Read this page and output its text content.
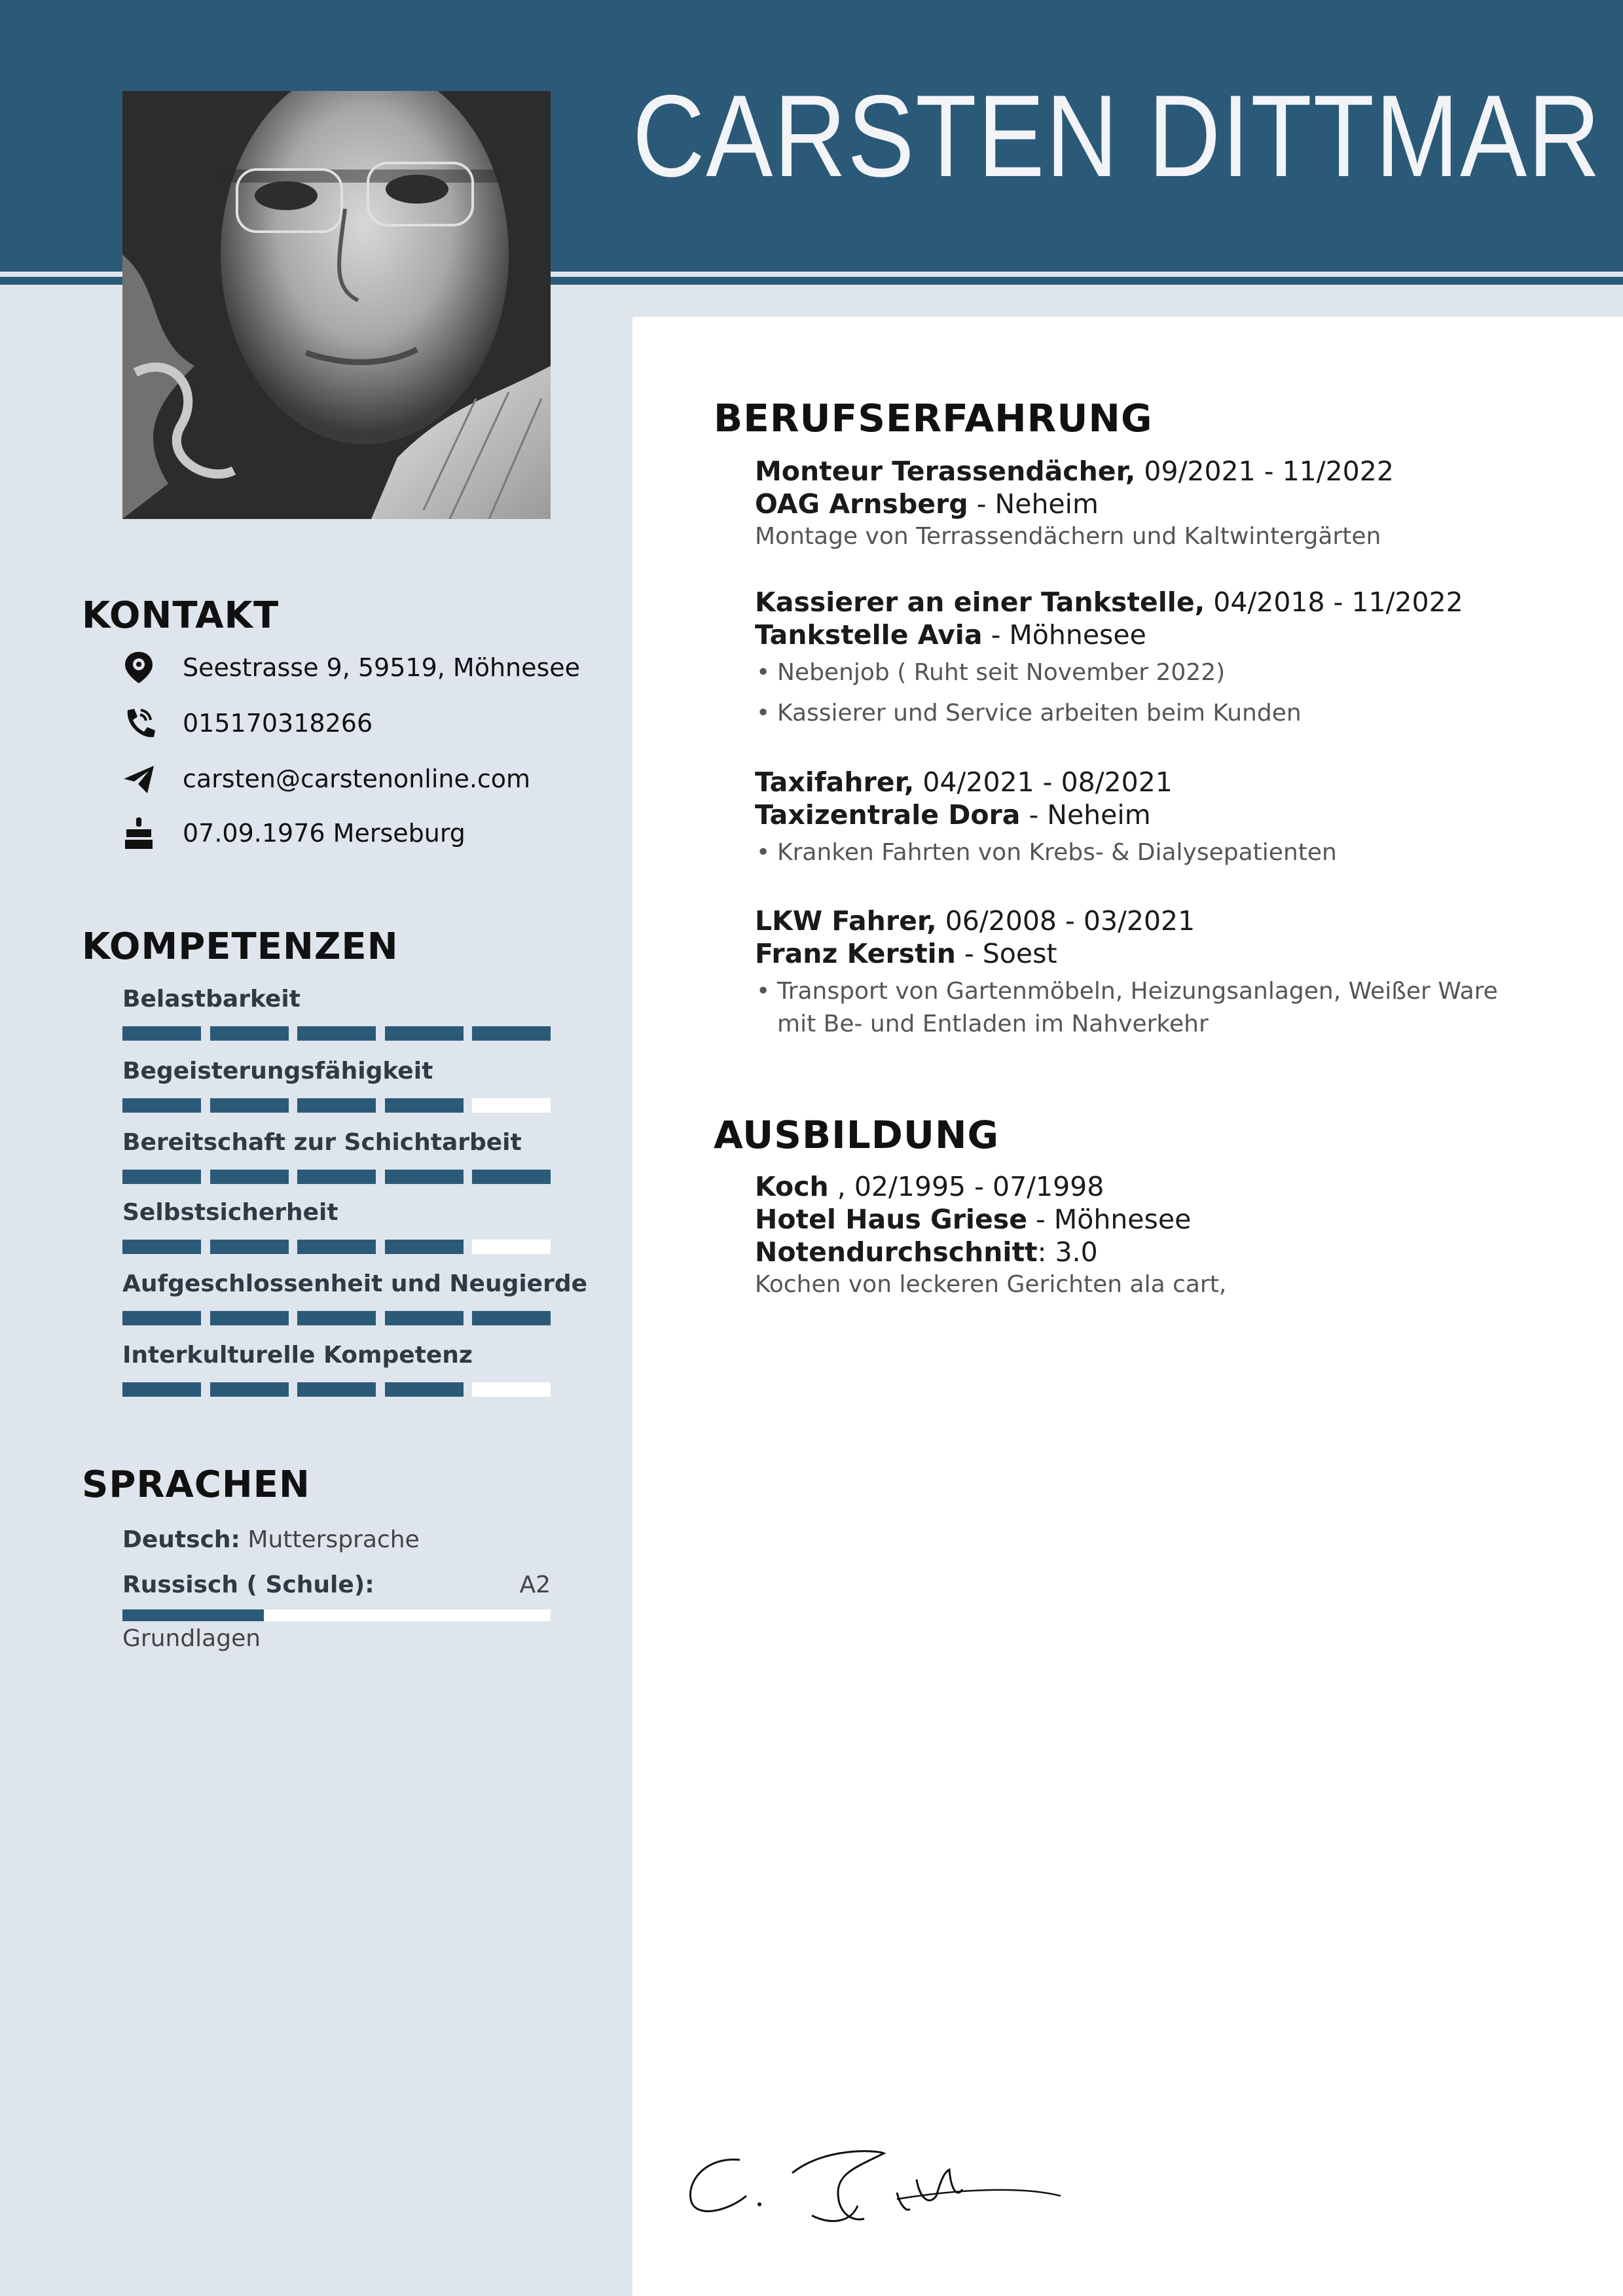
CARSTEN DITTMAR
KONTAKT
Seestrasse 9, 59519, Möhnesee
015170318266
carsten@carstenonline.com
07.09.1976 Merseburg
KOMPETENZEN
Belastbarkeit
Begeisterungsfähigkeit
Bereitschaft zur Schichtarbeit
Selbstsicherheit
Aufgeschlossenheit und Neugierde
Interkulturelle Kompetenz
SPRACHEN
Deutsch: Muttersprache
Russisch ( Schule):	A2
Grundlagen
BERUFSERFAHRUNG
Monteur Terassendächer, 09/2021 - 11/2022
OAG Arnsberg - Neheim
Montage von Terrassendächern und Kaltwintergärten
Kassierer an einer Tankstelle, 04/2018 - 11/2022
Tankstelle Avia - Möhnesee
• Nebenjob ( Ruht seit November 2022)
• Kassierer und Service arbeiten beim Kunden
Taxifahrer, 04/2021 - 08/2021
Taxizentrale Dora - Neheim
• Kranken Fahrten von Krebs- & Dialysepatienten
LKW Fahrer, 06/2008 - 03/2021
Franz Kerstin - Soest
• Transport von Gartenmöbeln, Heizungsanlagen, Weißer Ware mit Be- und Entladen im Nahverkehr
AUSBILDUNG
Koch , 02/1995 - 07/1998
Hotel Haus Griese - Möhnesee
Notendurchschnitt: 3.0
Kochen von leckeren Gerichten ala cart,
